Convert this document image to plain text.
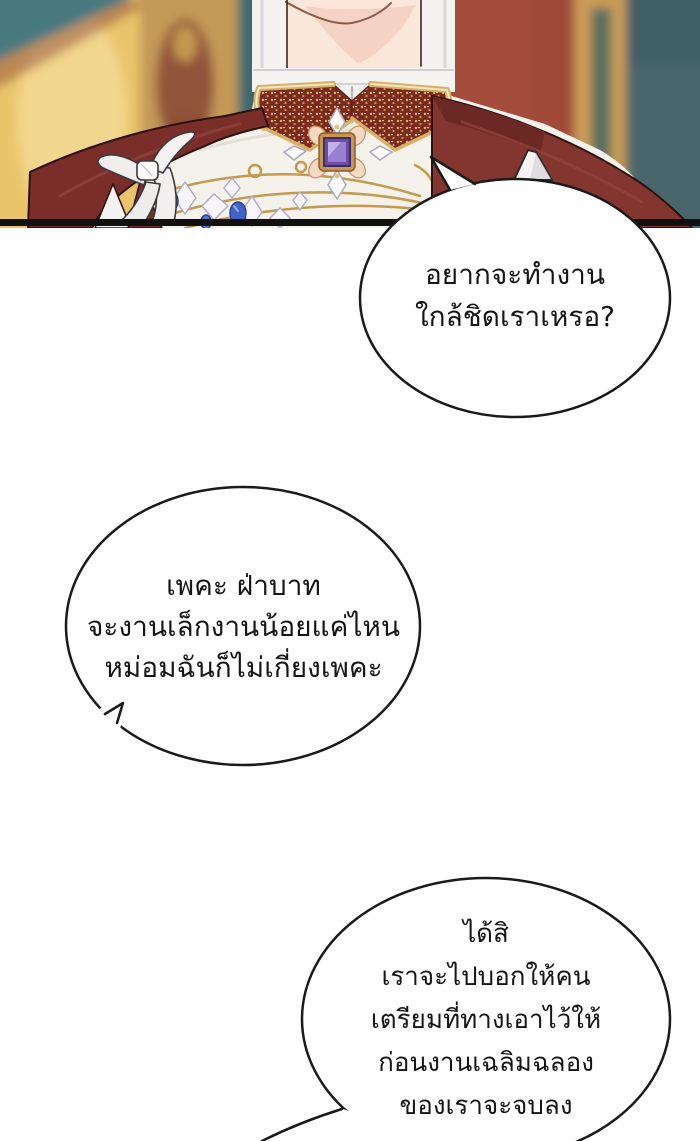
อยากจะทำงาน
ใกล้ชิดเราเหรอ?
เพคะ ฝ่าบาท
จะงานเล็กงานน้อยแค่ไหน
หม่อมฉันก็ไม่เกี่ยงเพคะ
ได้สิ
เราจะไปบอกให้คน
เตรียมที่ทางเอาไว้ให้
ก่อนงานเฉลิมฉลอง
ของเราจะจบลง
